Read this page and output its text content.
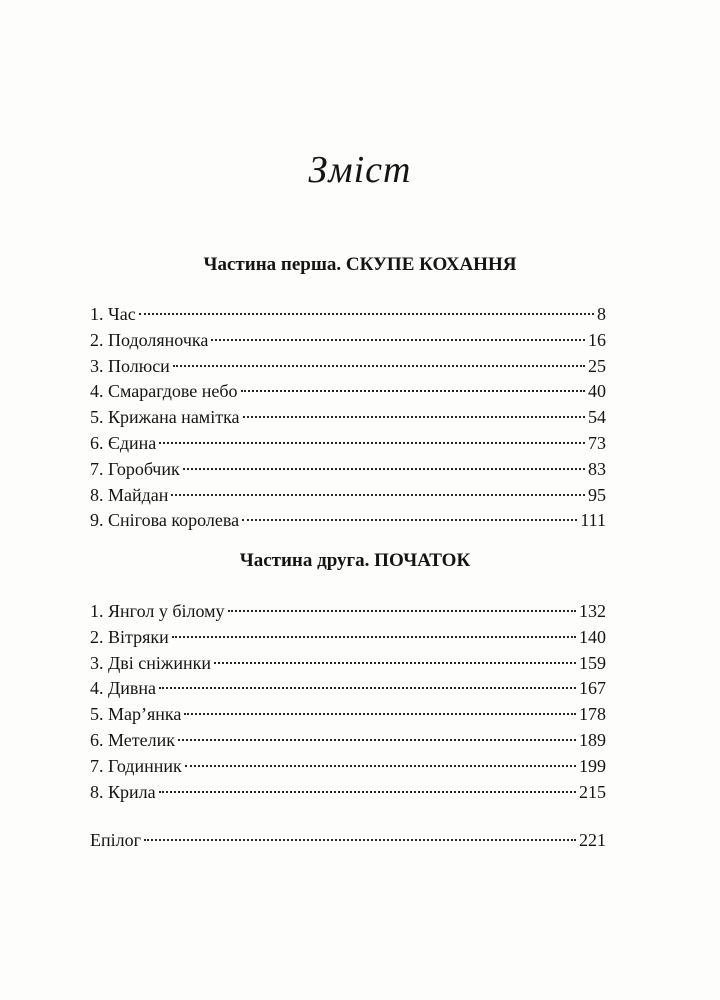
Зміст
Частина перша. СКУПЕ КОХАННЯ
1. Час	8
2. Подоляночка	16
3. Полюси	25
4. Смарагдове небо	40
5. Крижана намітка	54
6. Єдина	73
7. Горобчик	83
8. Майдан	95
9. Снігова королева	111
Частина друга. ПОЧАТОК
1. Янгол у білому	132
2. Вітряки	140
3. Дві сніжинки	159
4. Дивна	167
5. Мар’янка	178
6. Метелик	189
7. Годинник	199
8. Крила	215
Епілог	221
